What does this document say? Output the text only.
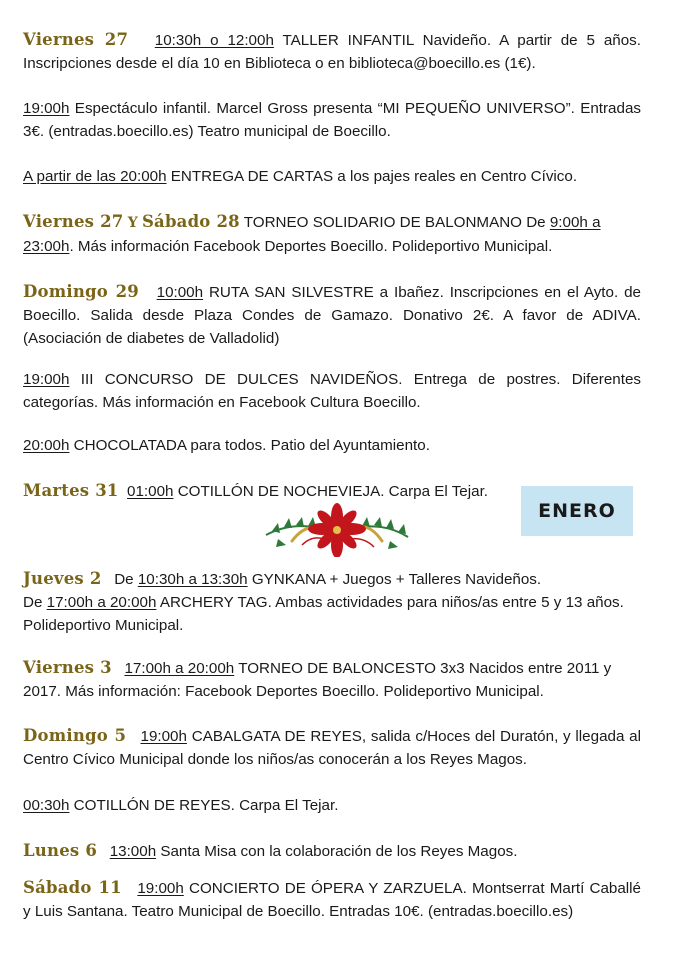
Viernes 27 10:30h o 12:00h TALLER INFANTIL Navideño. A partir de 5 años. Inscripciones desde el día 10 en Biblioteca o en biblioteca@boecillo.es (1€).
19:00h Espectáculo infantil. Marcel Gross presenta “MI PEQUEÑO UNIVERSO”. Entradas 3€. (entradas.boecillo.es) Teatro municipal de Boecillo.
A partir de las 20:00h ENTREGA DE CARTAS a los pajes reales en Centro Cívico.
Viernes 27 Y Sábado 28 TORNEO SOLIDARIO DE BALONMANO De 9:00h a
23:00h. Más información Facebook Deportes Boecillo. Polideportivo Municipal.
Domingo 29 10:00h RUTA SAN SILVESTRE a Ibañez. Inscripciones en el Ayto. de Boecillo. Salida desde Plaza Condes de Gamazo. Donativo 2€. A favor de ADIVA. (Asociación de diabetes de Valladolid)
19:00h III CONCURSO DE DULCES NAVIDEÑOS. Entrega de postres. Diferentes categorías. Más información en Facebook Cultura Boecillo.
20:00h CHOCOLATADA para todos. Patio del Ayuntamiento.
Martes 31 01:00h COTILLÓN DE NOCHEVIEJA. Carpa El Tejar.
ENERO
Jueves 2 De 10:30h a 13:30h GYNKANA + Juegos + Talleres Navideños.
De 17:00h a 20:00h ARCHERY TAG. Ambas actividades para niños/as entre 5 y 13 años. Polideportivo Municipal.
Viernes 3 17:00h a 20:00h TORNEO DE BALONCESTO 3x3 Nacidos entre 2011 y 2017. Más información: Facebook Deportes Boecillo. Polideportivo Municipal.
Domingo 5 19:00h CABALGATA DE REYES, salida c/Hoces del Duratón, y llegada al Centro Cívico Municipal donde los niños/as conocerán a los Reyes Magos.
00:30h COTILLÓN DE REYES. Carpa El Tejar.
Lunes 6 13:00h Santa Misa con la colaboración de los Reyes Magos.
Sábado 11 19:00h CONCIERTO DE ÓPERA Y ZARZUELA. Montserrat Martí Caballé y Luis Santana. Teatro Municipal de Boecillo. Entradas 10€. (entradas.boecillo.es)
